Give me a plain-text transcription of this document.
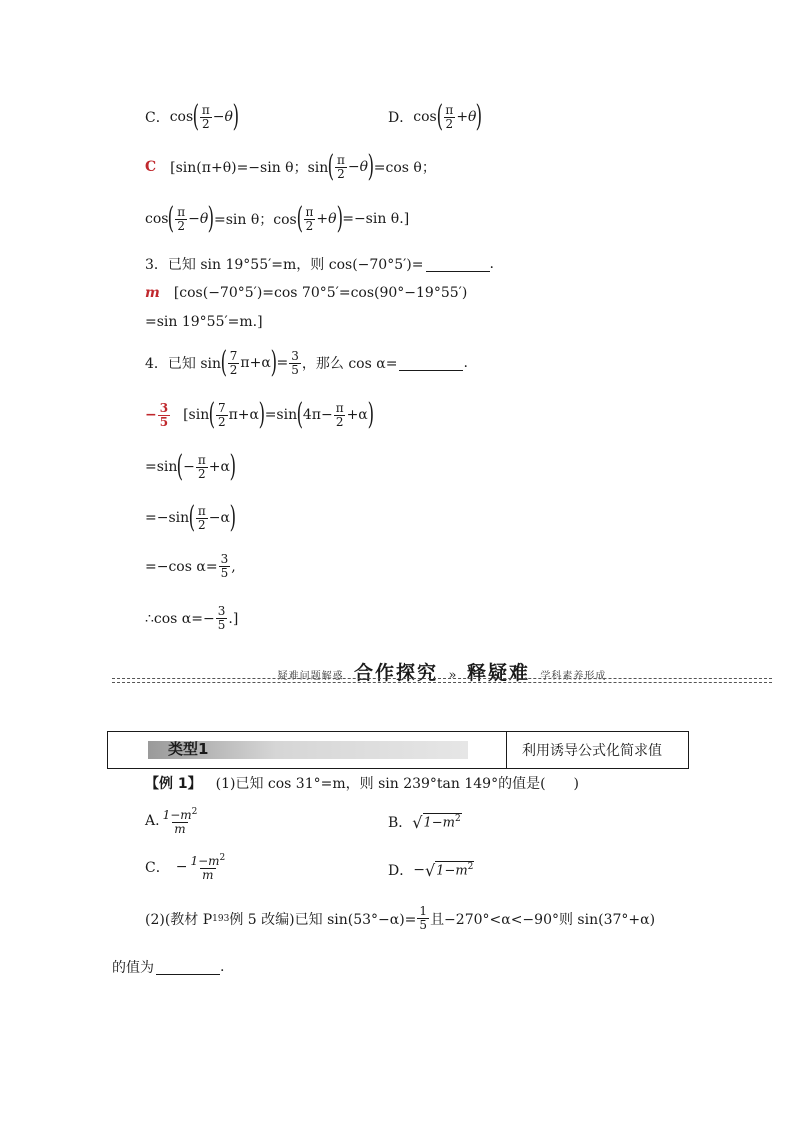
C． cos ( $\frac{\pi}{2} - \theta$ )	D． cos ( $\frac{\pi}{2} + \theta$ )
C [sin(π+θ)=−sin θ；sin ( $\frac{\pi}{2} - \theta$ ) =cos θ；
cos ( $\frac{\pi}{2} - \theta$ ) =sin θ；cos ( $\frac{\pi}{2} + \theta$ ) =−sin θ.]
3．已知 sin 19°55′=m，则 cos(−70°5′)=	.
m [cos(−70°5′)=cos 70°5′=cos(90°−19°55′)
=sin 19°55′=m.]
4．已知 sin ( $\frac{7}{2} \pi+\alpha$ ) = $\frac{3}{5}$ ，那么 cos α=	.
− $\frac{3}{5} [\sin$ ( $\frac{7}{2} \pi+\alpha$ ) =sin ( $4\pi- \frac{\pi}{2} +\alpha$ )
=sin ( − $\frac{\pi}{2} +\alpha$ )
=−sin ( $\frac{\pi}{2} -\alpha$ )
=−cos $\alpha= \frac{3}{5}$ ,
∴cos $\alpha=- \frac{3}{5}$ .]
疑难问题解惑 合作探究 » 释疑难 学科素养形成
类型1	利用诱导公式化简求值
【例 1】 (1)已知 cos 31°=m，则 sin 239°tan 149°的值是(　　)
A. $\frac{1-m^2}{m}$	B． √ $1-m^2$
C． − $\frac{1-m^2}{m}$	D． − √ $1-m^2$
(2)(教材 P 193 例 5 改编)已知 $\sin(53^\circ-\alpha)= \frac{1}{5}$ 且−270°<α<−90°则 sin(37°+α)
的值为	.
